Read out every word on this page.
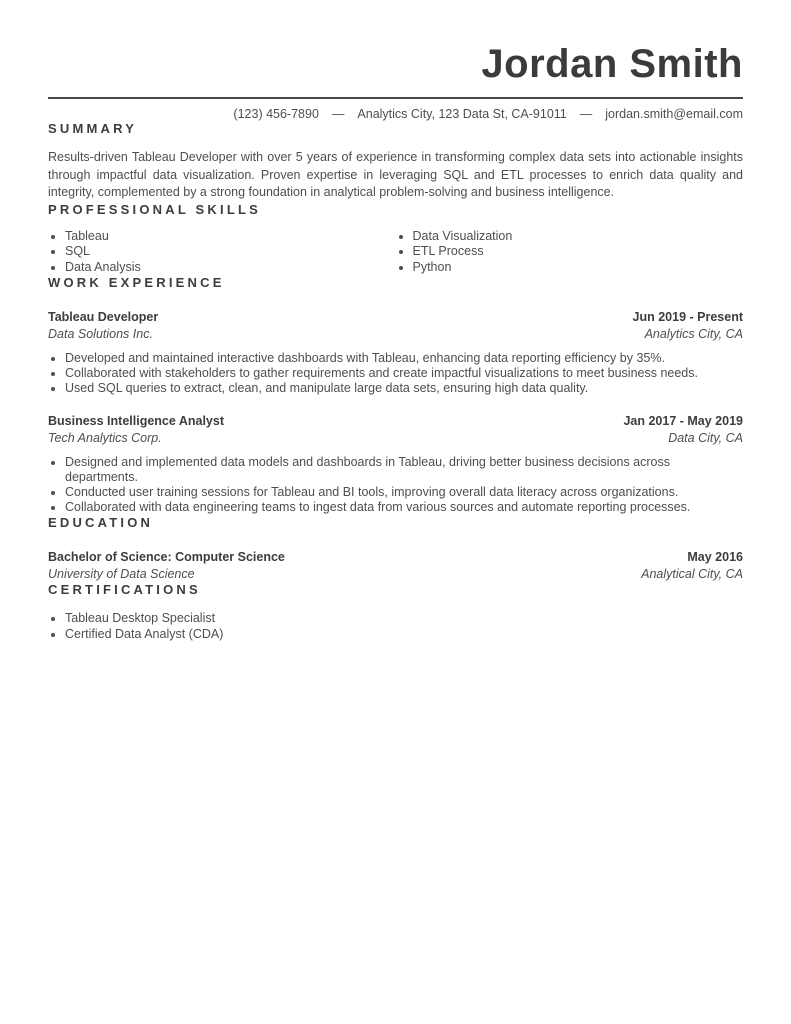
Jordan Smith
(123) 456-7890 — Analytics City, 123 Data St, CA-91011 — jordan.smith@email.com
SUMMARY

Results-driven Tableau Developer with over 5 years of experience in transforming complex data sets into actionable insights through impactful data visualization. Proven expertise in leveraging SQL and ETL processes to enrich data quality and integrity, complemented by a strong foundation in analytical problem-solving and business intelligence.

PROFESSIONAL SKILLS
• Tableau
• SQL
• Data Analysis
• Data Visualization
• ETL Process
• Python
WORK EXPERIENCE
Tableau Developer	Jun 2019 - Present
Data Solutions Inc.	Analytics City, CA
• Developed and maintained interactive dashboards with Tableau, enhancing data reporting efficiency by 35%.
• Collaborated with stakeholders to gather requirements and create impactful visualizations to meet business needs.
• Used SQL queries to extract, clean, and manipulate large data sets, ensuring high data quality.
Business Intelligence Analyst	Jan 2017 - May 2019
Tech Analytics Corp.	Data City, CA
• Designed and implemented data models and dashboards in Tableau, driving better business decisions across departments.
• Conducted user training sessions for Tableau and BI tools, improving overall data literacy across organizations.
• Collaborated with data engineering teams to ingest data from various sources and automate reporting processes.
EDUCATION
Bachelor of Science: Computer Science	May 2016
University of Data Science	Analytical City, CA
CERTIFICATIONS
• Tableau Desktop Specialist
• Certified Data Analyst (CDA)
